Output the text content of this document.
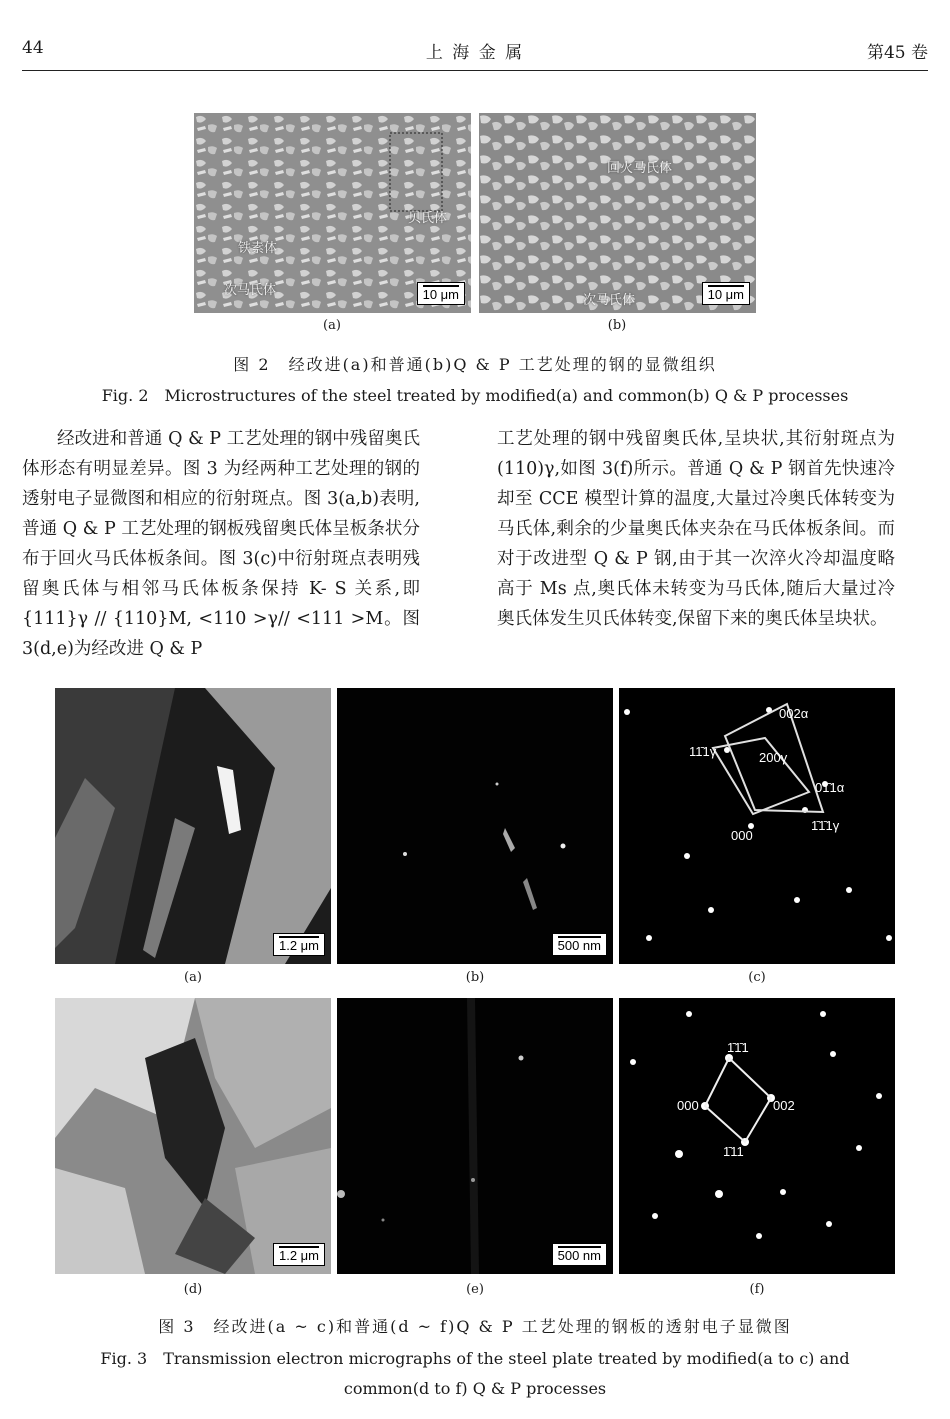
44	上 海 金 属	第45 卷
贝氏体
铁素体
次马氏体	10 μm
回火马氏体
次马氏体	10 μm
(a)	(b)
图 2　经改进(a)和普通(b)Q & P 工艺处理的钢的显微组织
Fig. 2　Microstructures of the steel treated by modified(a) and common(b) Q & P processes

经改进和普通 Q & P 工艺处理的钢中残留奥氏体形态有明显差异。图 3 为经两种工艺处理的钢的透射电子显微图和相应的衍射斑点。图 3(a,b)表明,普通 Q & P 工艺处理的钢板残留奥氏体呈板条状分布于回火马氏体板条间。图 3(c)中衍射斑点表明残留奥氏体与相邻马氏体板条保持 K- S 关系,即 {111}γ // {110}M, <110 >γ// <111 >M。图 3(d,e)为经改进 Q & P

工艺处理的钢中残留奥氏体,呈块状,其衍射斑点为(110)γ,如图 3(f)所示。普通 Q & P 钢首先快速冷却至 CCE 模型计算的温度,大量过冷奥氏体转变为马氏体,剩余的少量奥氏体夹杂在马氏体板条间。而对于改进型 Q & P 钢,由于其一次淬火冷却温度略高于 Ms 点,奥氏体未转变为马氏体,随后大量过冷奥氏体发生贝氏体转变,保留下来的奥氏体呈块状。

1.2 μm	500 nm
002α
11̄1γ	200γ
01̄1α
000
1̄1̄1γ
(a)	(b)	(c)
1.2 μm	500 nm
1̄1̄1
000	002
1̄11
(d)	(e)	(f)
图 3　经改进(a ~ c)和普通(d ~ f)Q & P 工艺处理的钢板的透射电子显微图
Fig. 3　Transmission electron micrographs of the steel plate treated by modified(a to c) and
common(d to f) Q & P processes
